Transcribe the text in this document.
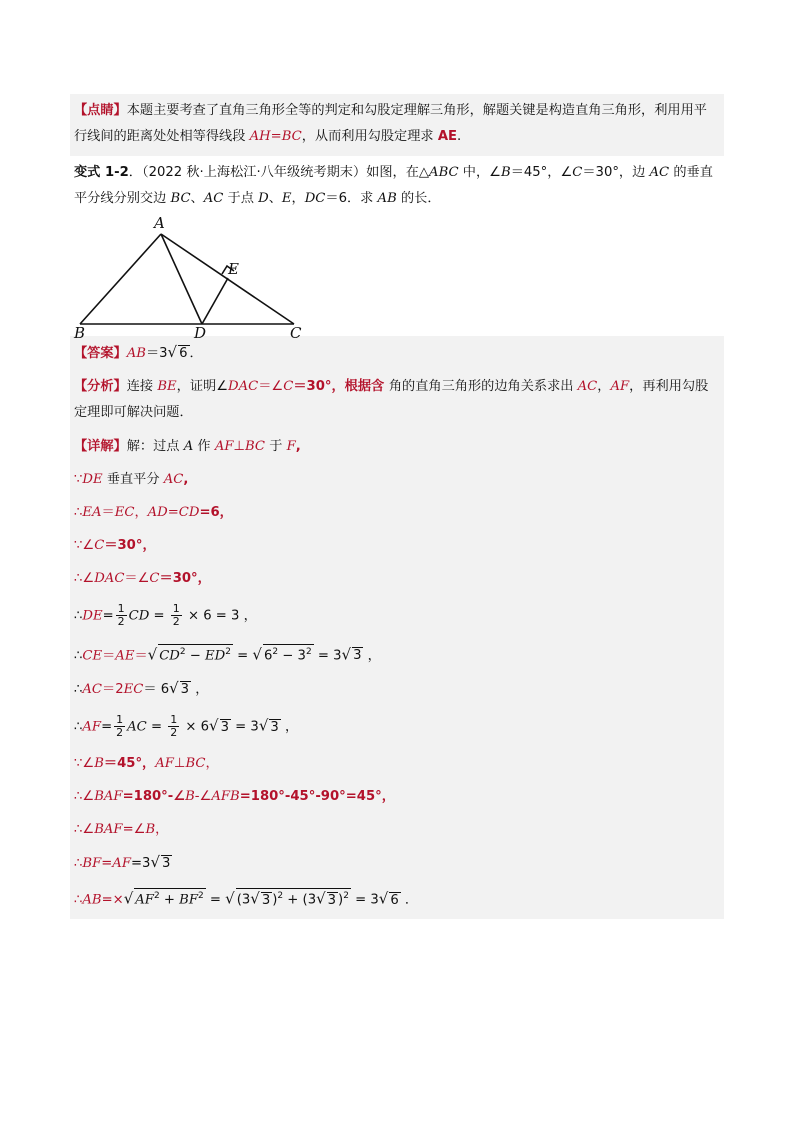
【点睛】本题主要考查了直角三角形全等的判定和勾股定理解三角形，解题关键是构造直角三角形，利用用平行线间的距离处处相等得线段 AH=BC，从而利用勾股定理求 AE.
变式 1-2．（2022 秋·上海松江·八年级统考期末）如图，在△ABC 中，∠B＝45°，∠C＝30°，边 AC 的垂直平分线分别交边 BC、AC 于点 D、E，DC＝6．求 AB 的长．
A
E
B	D	C
【答案】AB＝3√ 6 ．
【分析】连接 BE，证明∠DAC＝∠C＝30°，根据含 角的直角三角形的边角关系求出 AC，AF，再利用勾股定理即可解决问题．
【详解】解：过点 A 作 AF⊥BC 于 F,
∵DE 垂直平分 AC,
∴EA＝EC，AD=CD=6，
∵∠C＝30°，
∴∠DAC＝∠C＝30°，
∴DE= $\frac{1}{2}$ CD = $\frac{1}{2} \times 6 = 3$ ，
∴CE＝AE＝√ $CD^2 - ED^2$ = √ $6^2 - 3^2 = 3√$ 3 ，
∴AC＝2EC＝ 6√ 3 ，
∴AF= $\frac{1}{2}$ AC = $\frac{1}{2} \times 6√$ 3 = 3√ 3 ，
∵∠B＝45°，AF⊥BC，
∴∠BAF=180°-∠B-∠AFB=180°-45°-90°=45°，
∴∠BAF=∠B，
∴BF=AF=3√ 3
∴AB=×√ $AF^2 + BF^2$ = √ (3√ 3 )$^2$ + (3√ 3 )$^2$ = 3√ 6 ．
